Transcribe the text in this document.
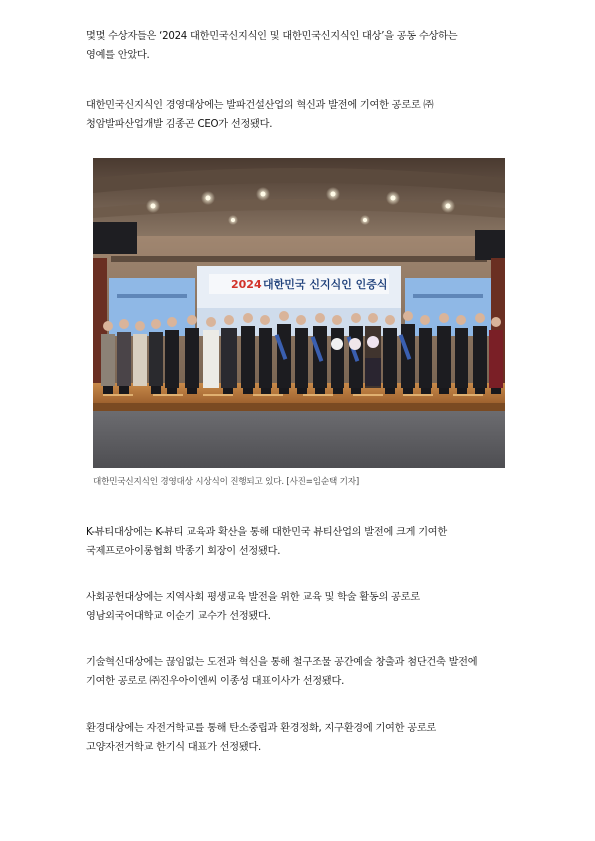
몇몇 수상자들은 ‘2024 대한민국신지식인 및 대한민국신지식인 대상’을 공동 수상하는
영예를 안았다.
대한민국신지식인 경영대상에는 발파건설산업의 혁신과 발전에 기여한 공로로 ㈜
청암발파산업개발 김종곤 CEO가 선정됐다.
2024 대한민국 신지식인 인증식
대한민국신지식인 경영대상 시상식이 진행되고 있다. [사진=임순택 기자]
K-뷰티대상에는 K-뷰티 교육과 확산을 통해 대한민국 뷰티산업의 발전에 크게 기여한
국제프로아이롱협회 박종기 회장이 선정됐다.
사회공헌대상에는 지역사회 평생교육 발전을 위한 교육 및 학술 활동의 공로로
영남외국어대학교 이순기 교수가 선정됐다.
기술혁신대상에는 끊임없는 도전과 혁신을 통해 철구조물 공간예술 창출과 첨단건축 발전에
기여한 공로로 ㈜진우아이엔씨 이종성 대표이사가 선정됐다.
환경대상에는 자전거학교를 통해 탄소중립과 환경정화, 지구환경에 기여한 공로로
고양자전거학교 한기식 대표가 선정됐다.
